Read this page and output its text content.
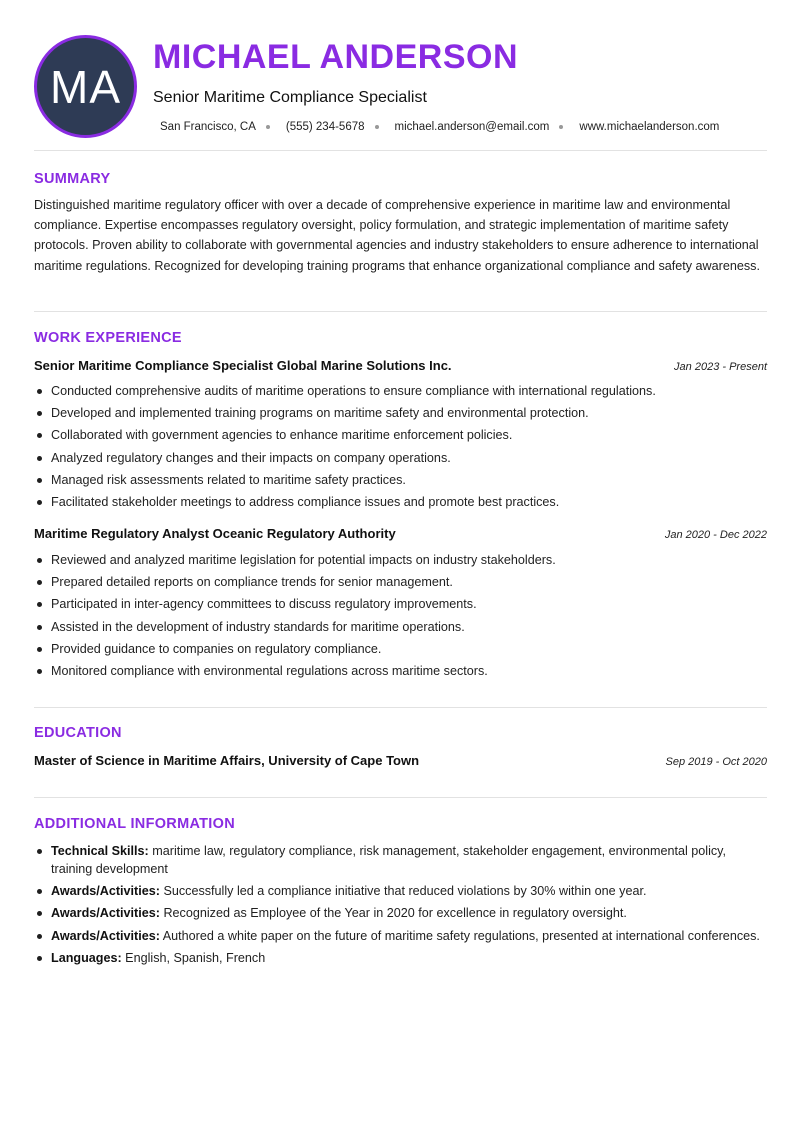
MA
MICHAEL ANDERSON
Senior Maritime Compliance Specialist
San Francisco, CA	(555) 234-5678	michael.anderson@email.com	www.michaelanderson.com
SUMMARY
Distinguished maritime regulatory officer with over a decade of comprehensive experience in maritime law and environmental compliance. Expertise encompasses regulatory oversight, policy formulation, and strategic implementation of maritime safety protocols. Proven ability to collaborate with governmental agencies and industry stakeholders to ensure adherence to international maritime regulations. Recognized for developing training programs that enhance organizational compliance and safety awareness.
WORK EXPERIENCE
Senior Maritime Compliance Specialist Global Marine Solutions Inc.	Jan 2023 - Present
Conducted comprehensive audits of maritime operations to ensure compliance with international regulations.
Developed and implemented training programs on maritime safety and environmental protection.
Collaborated with government agencies to enhance maritime enforcement policies.
Analyzed regulatory changes and their impacts on company operations.
Managed risk assessments related to maritime safety practices.
Facilitated stakeholder meetings to address compliance issues and promote best practices.
Maritime Regulatory Analyst Oceanic Regulatory Authority	Jan 2020 - Dec 2022
Reviewed and analyzed maritime legislation for potential impacts on industry stakeholders.
Prepared detailed reports on compliance trends for senior management.
Participated in inter-agency committees to discuss regulatory improvements.
Assisted in the development of industry standards for maritime operations.
Provided guidance to companies on regulatory compliance.
Monitored compliance with environmental regulations across maritime sectors.
EDUCATION
Master of Science in Maritime Affairs, University of Cape Town	Sep 2019 - Oct 2020
ADDITIONAL INFORMATION
Technical Skills: maritime law, regulatory compliance, risk management, stakeholder engagement, environmental policy, training development
Awards/Activities: Successfully led a compliance initiative that reduced violations by 30% within one year.
Awards/Activities: Recognized as Employee of the Year in 2020 for excellence in regulatory oversight.
Awards/Activities: Authored a white paper on the future of maritime safety regulations, presented at international conferences.
Languages: English, Spanish, French
